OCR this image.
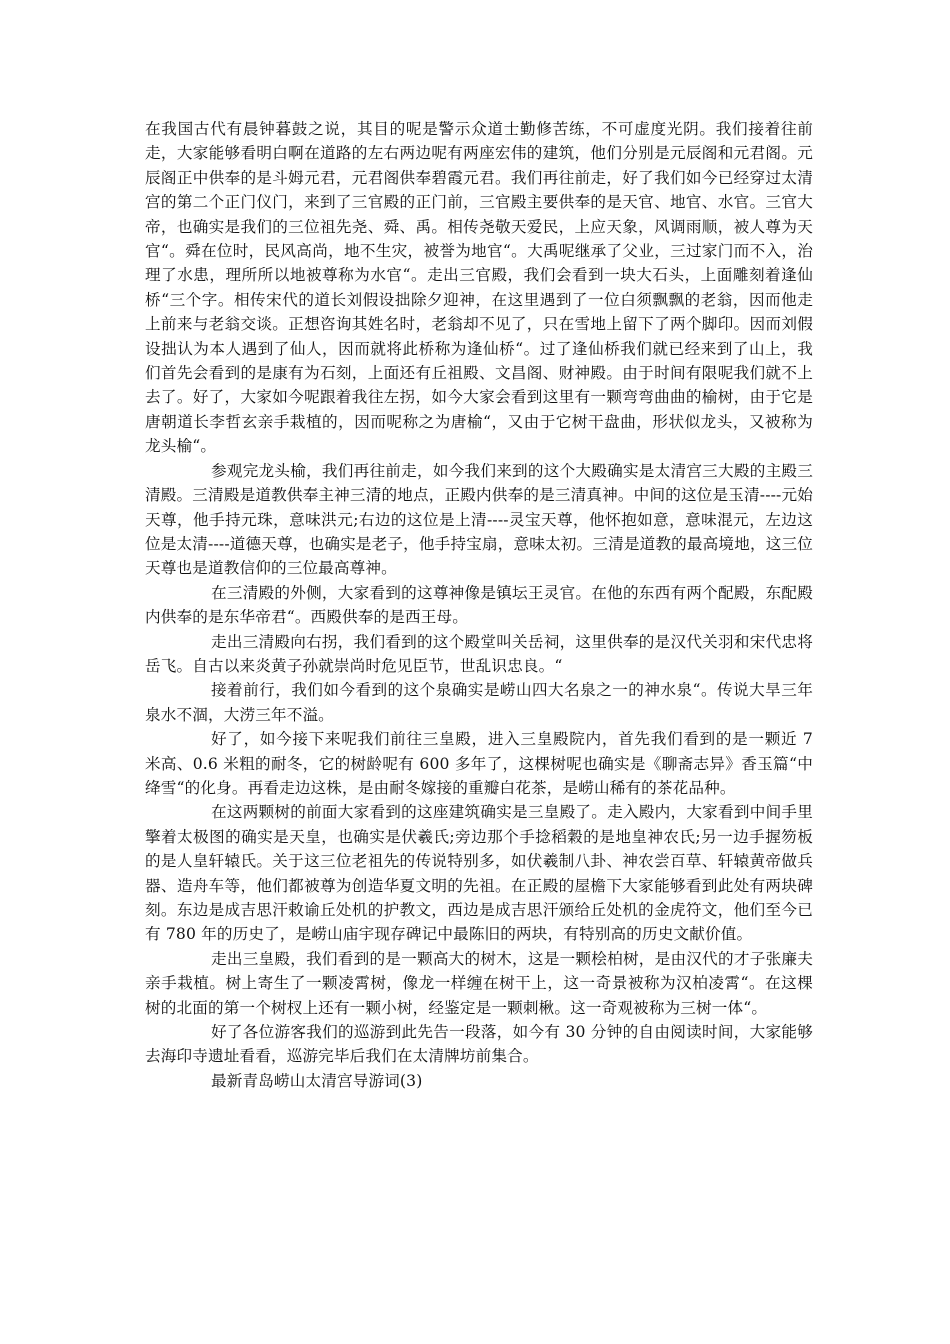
在我国古代有晨钟暮鼓之说，其目的呢是警示众道士勤修苦练，不可虚度光阴。我们接着往前走，大家能够看明白啊在道路的左右两边呢有两座宏伟的建筑，他们分别是元辰阁和元君阁。元辰阁正中供奉的是斗姆元君，元君阁供奉碧霞元君。我们再往前走，好了我们如今已经穿过太清宫的第二个正门仪门，来到了三官殿的正门前，三官殿主要供奉的是天官、地官、水官。三官大帝，也确实是我们的三位祖先尧、舜、禹。相传尧敬天爱民，上应天象，风调雨顺，被人尊为天官“。舜在位时，民风高尚，地不生灾，被誉为地官“。大禹呢继承了父业，三过家门而不入，治理了水患，理所所以地被尊称为水官“。走出三官殿，我们会看到一块大石头，上面雕刻着逢仙桥“三个字。相传宋代的道长刘假设拙除夕迎神，在这里遇到了一位白须飘飘的老翁，因而他走上前来与老翁交谈。正想咨询其姓名时，老翁却不见了，只在雪地上留下了两个脚印。因而刘假设拙认为本人遇到了仙人，因而就将此桥称为逢仙桥“。过了逢仙桥我们就已经来到了山上，我们首先会看到的是康有为石刻，上面还有丘祖殿、文昌阁、财神殿。由于时间有限呢我们就不上去了。好了，大家如今呢跟着我往左拐，如今大家会看到这里有一颗弯弯曲曲的榆树，由于它是唐朝道长李哲玄亲手栽植的，因而呢称之为唐榆“，又由于它树干盘曲，形状似龙头，又被称为龙头榆“。

参观完龙头榆，我们再往前走，如今我们来到的这个大殿确实是太清宫三大殿的主殿三清殿。三清殿是道教供奉主神三清的地点，正殿内供奉的是三清真神。中间的这位是玉清----元始天尊，他手持元珠，意味洪元;右边的这位是上清----灵宝天尊，他怀抱如意，意味混元，左边这位是太清----道德天尊，也确实是老子，他手持宝扇，意味太初。三清是道教的最高境地，这三位天尊也是道教信仰的三位最高尊神。

在三清殿的外侧，大家看到的这尊神像是镇坛王灵官。在他的东西有两个配殿，东配殿内供奉的是东华帝君“。西殿供奉的是西王母。

走出三清殿向右拐，我们看到的这个殿堂叫关岳祠，这里供奉的是汉代关羽和宋代忠将岳飞。自古以来炎黄子孙就崇尚时危见臣节，世乱识忠良。“

接着前行，我们如今看到的这个泉确实是崂山四大名泉之一的神水泉“。传说大旱三年泉水不涸，大涝三年不溢。

好了，如今接下来呢我们前往三皇殿，进入三皇殿院内，首先我们看到的是一颗近 7 米高、0.6 米粗的耐冬，它的树龄呢有 600 多年了，这棵树呢也确实是《聊斋志异》香玉篇“中绛雪“的化身。再看走边这株，是由耐冬嫁接的重瓣白花茶，是崂山稀有的茶花品种。

在这两颗树的前面大家看到的这座建筑确实是三皇殿了。走入殿内，大家看到中间手里擎着太极图的确实是天皇，也确实是伏羲氏;旁边那个手捻稻穀的是地皇神农氏;另一边手握笏板的是人皇轩辕氏。关于这三位老祖先的传说特别多，如伏羲制八卦、神农尝百草、轩辕黄帝做兵器、造舟车等，他们都被尊为创造华夏文明的先祖。在正殿的屋檐下大家能够看到此处有两块碑刻。东边是成吉思汗敕谕丘处机的护教文，西边是成吉思汗颁给丘处机的金虎符文，他们至今已有 780 年的历史了，是崂山庙宇现存碑记中最陈旧的两块，有特别高的历史文献价值。

走出三皇殿，我们看到的是一颗高大的树木，这是一颗桧柏树，是由汉代的才子张廉夫亲手栽植。树上寄生了一颗凌霄树，像龙一样缠在树干上，这一奇景被称为汉柏凌霄“。在这棵树的北面的第一个树杈上还有一颗小树，经鉴定是一颗刺楸。这一奇观被称为三树一体“。

好了各位游客我们的巡游到此先告一段落，如今有 30 分钟的自由阅读时间，大家能够去海印寺遗址看看，巡游完毕后我们在太清牌坊前集合。

最新青岛崂山太清宫导游词(3)
